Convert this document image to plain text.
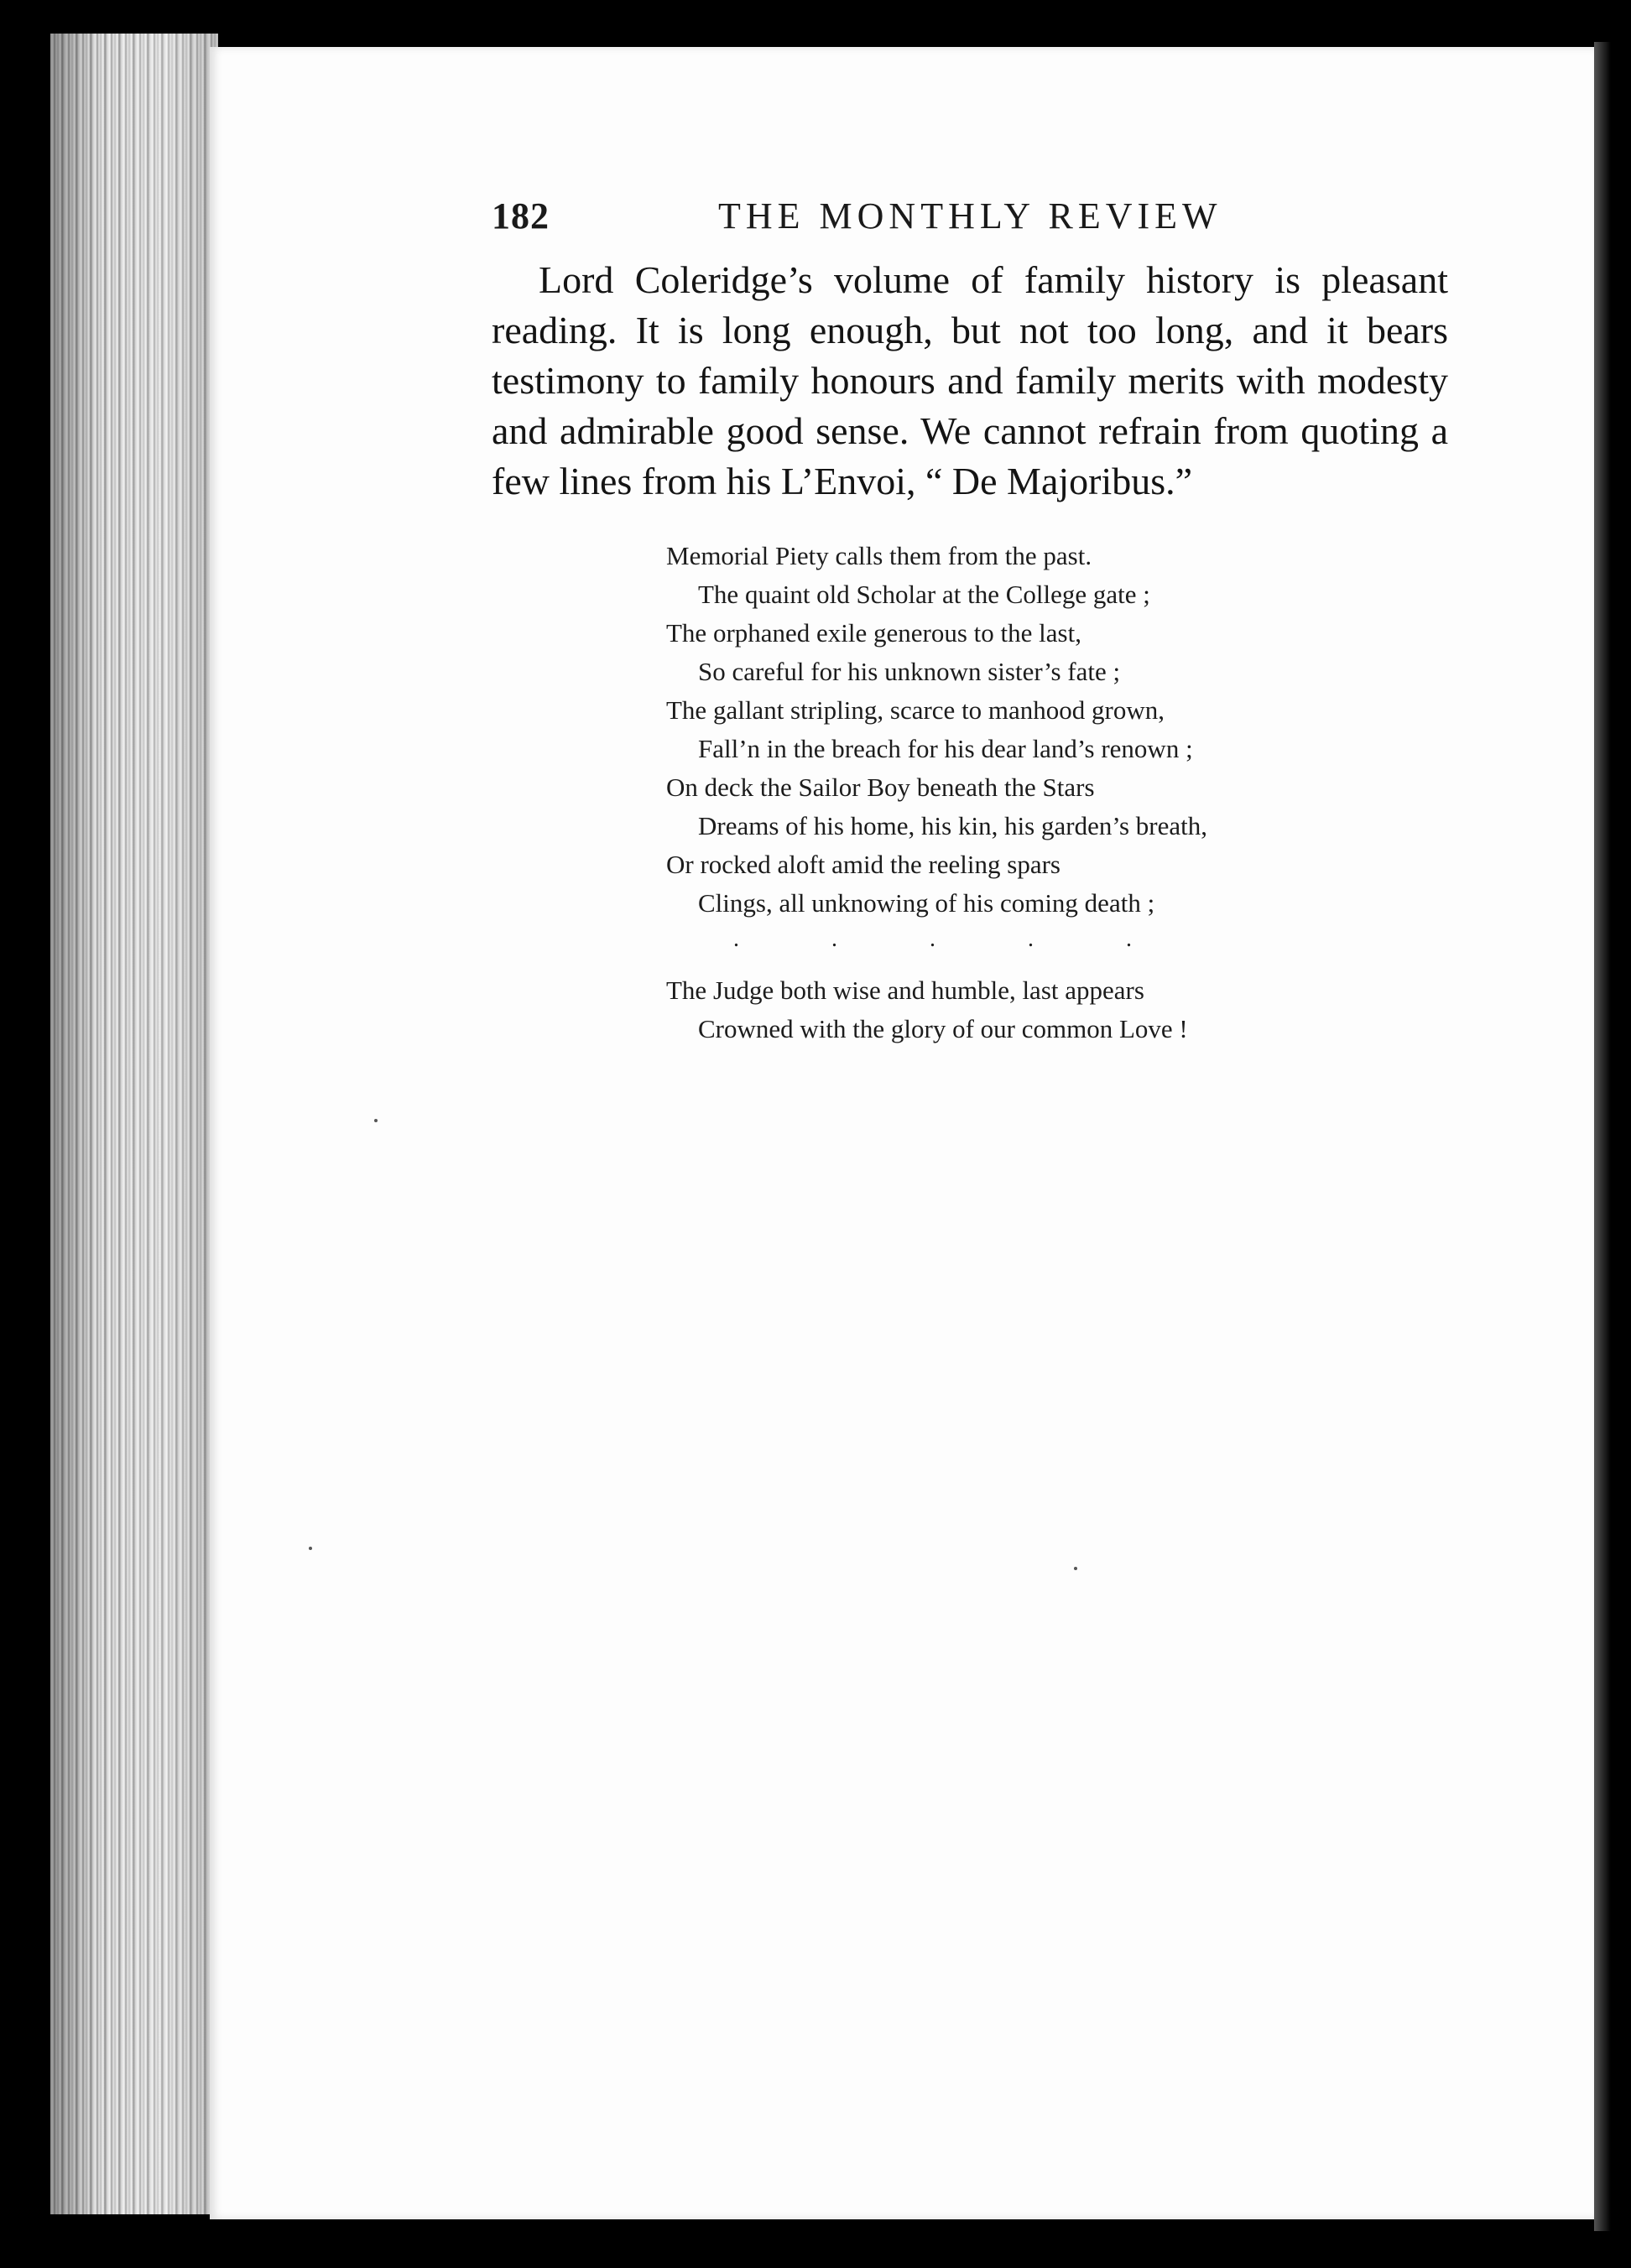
182	THE MONTHLY REVIEW

Lord Coleridge’s volume of family history is pleasant reading. It is long enough, but not too long, and it bears testimony to family honours and family merits with modesty and admirable good sense. We cannot refrain from quoting a few lines from his L’Envoi, “ De Majoribus.”

Memorial Piety calls them from the past.
The quaint old Scholar at the College gate ;
The orphaned exile generous to the last,
So careful for his unknown sister’s fate ;
The gallant stripling, scarce to manhood grown,
Fall’n in the breach for his dear land’s renown ;
On deck the Sailor Boy beneath the Stars
Dreams of his home, his kin, his garden’s breath,
Or rocked aloft amid the reeling spars
Clings, all unknowing of his coming death ;
.	.	.	.	.
The Judge both wise and humble, last appears
Crowned with the glory of our common Love !
